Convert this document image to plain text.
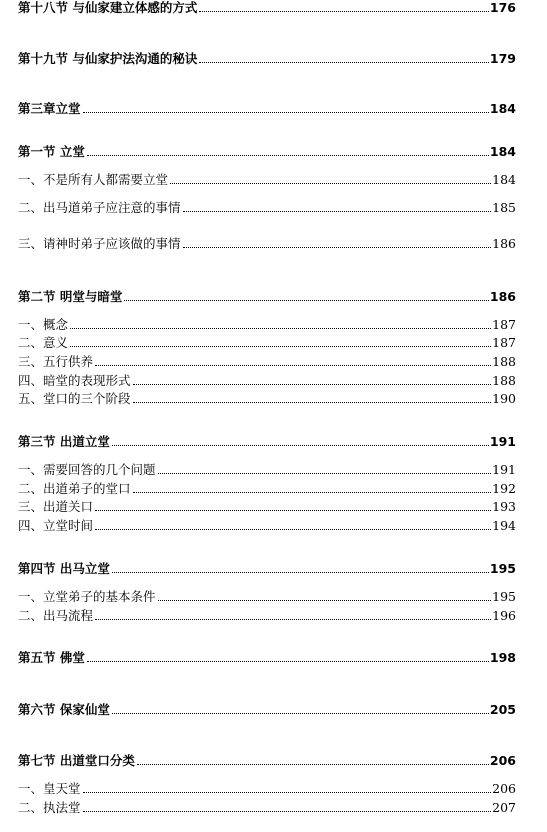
第十八节 与仙家建立体感的方式	176
第十九节 与仙家护法沟通的秘诀	179
第三章立堂	184
第一节 立堂	184
一、不是所有人都需要立堂	184
二、出马道弟子应注意的事情	185
三、请神时弟子应该做的事情	186
第二节 明堂与暗堂	186
一、概念	187
二、意义	187
三、五行供养	188
四、暗堂的表现形式	188
五、堂口的三个阶段	190
第三节 出道立堂	191
一、需要回答的几个问题	191
二、出道弟子的堂口	192
三、出道关口	193
四、立堂时间	194
第四节 出马立堂	195
一、立堂弟子的基本条件	195
二、出马流程	196
第五节 佛堂	198
第六节 保家仙堂	205
第七节 出道堂口分类	206
一、皇天堂	206
二、执法堂	207
